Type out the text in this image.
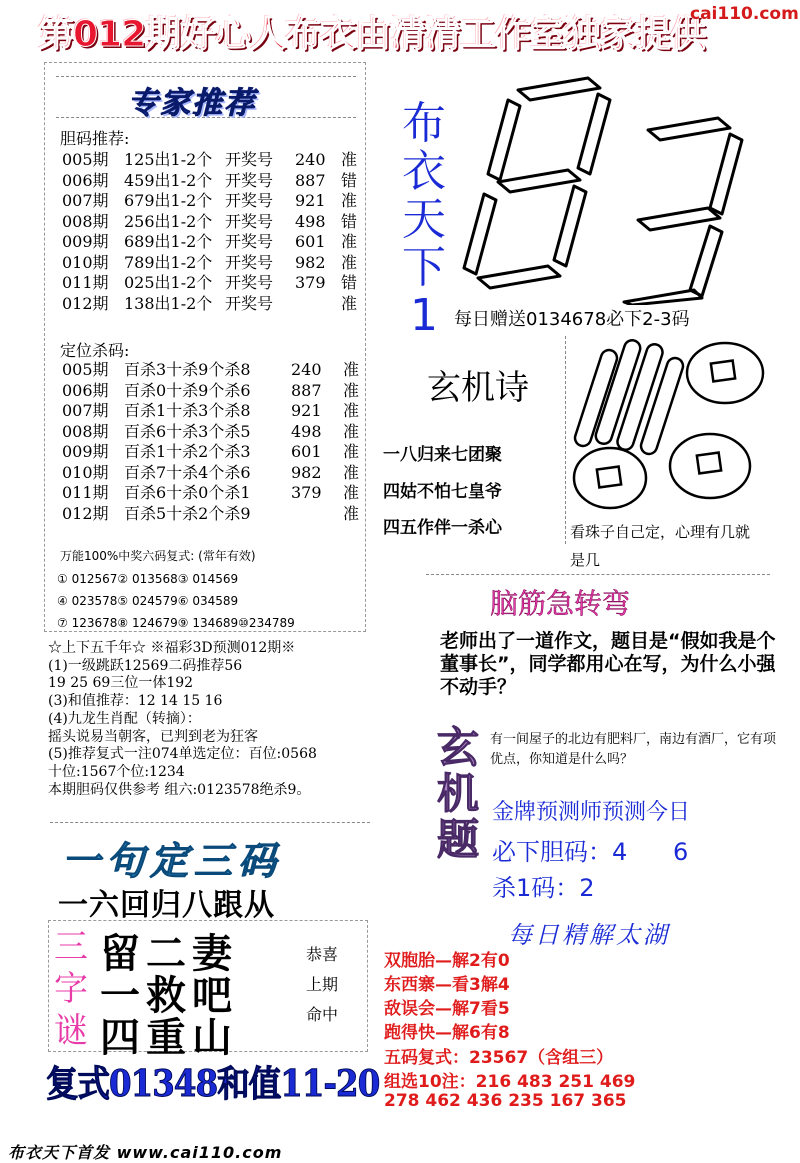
第012期好心人布衣由清清工作室独家提供
cai110.com
专家推荐
胆码推荐:
005期 125出1-2个 开奖号 240 准
006期 459出1-2个 开奖号 887 错
007期 679出1-2个 开奖号 921 准
008期 256出1-2个 开奖号 498 错
009期 689出1-2个 开奖号 601 准
010期 789出1-2个 开奖号 982 准
011期 025出1-2个 开奖号 379 错
012期 138出1-2个 开奖号	准
定位杀码:
005期 百杀3十杀9个杀8	240 准
006期 百杀0十杀9个杀6	887 准
007期 百杀1十杀3个杀8	921 准
008期 百杀6十杀3个杀5	498 准
009期 百杀1十杀2个杀3	601 准
010期 百杀7十杀4个杀6	982 准
011期 百杀6十杀0个杀1	379 准
012期 百杀5十杀2个杀9	准
万能100%中奖六码复式: (常年有效)
① 012567② 013568③ 014569
④ 023578⑤ 024579⑥ 034589
⑦ 123678⑧ 124679⑨ 134689⑩234789
布
衣
天
下
1 每日赠送0134678必下2-3码
玄机诗
一八归来七团聚
四姑不怕七皇爷
四五作伴一杀心	看珠子自己定，心理有几就是几
脑筋急转弯
老师出了一道作文，题目是“假如我是个董事长”，同学都用心在写，为什么小强不动手？
玄
机
题
有一间屋子的北边有肥料厂，南边有酒厂，它有项优点，你知道是什么吗？
金牌预测师预测今日
必下胆码：4      6
杀1码：2
每日精解太湖
双胞胎—解2有0
东西寨—看3解4
敌误会—解7看5
跑得快—解6有8
五码复式：23567（含组三）
组选10注：216 483 251 469
278 462 436 235 167 365
☆上下五千年☆ ※福彩3D预测012期※
(1)一级跳跃12569二码推荐56
19 25 69三位一体192
(3)和值推荐：12 14 15 16
(4)九龙生肖配（转摘）：
摇头说易当朝客，已判到老为狂客
(5)推荐复式一注074单选定位：百位:0568
十位:1567个位:1234
本期胆码仅供参考 组六:0123578绝杀9。
一句定三码
一六回归八跟从
三
字
谜
留二妻
一救吧
四重山
恭喜
上期
命中
复式01348和值11-20
布衣天下首发 www.cai110.com
